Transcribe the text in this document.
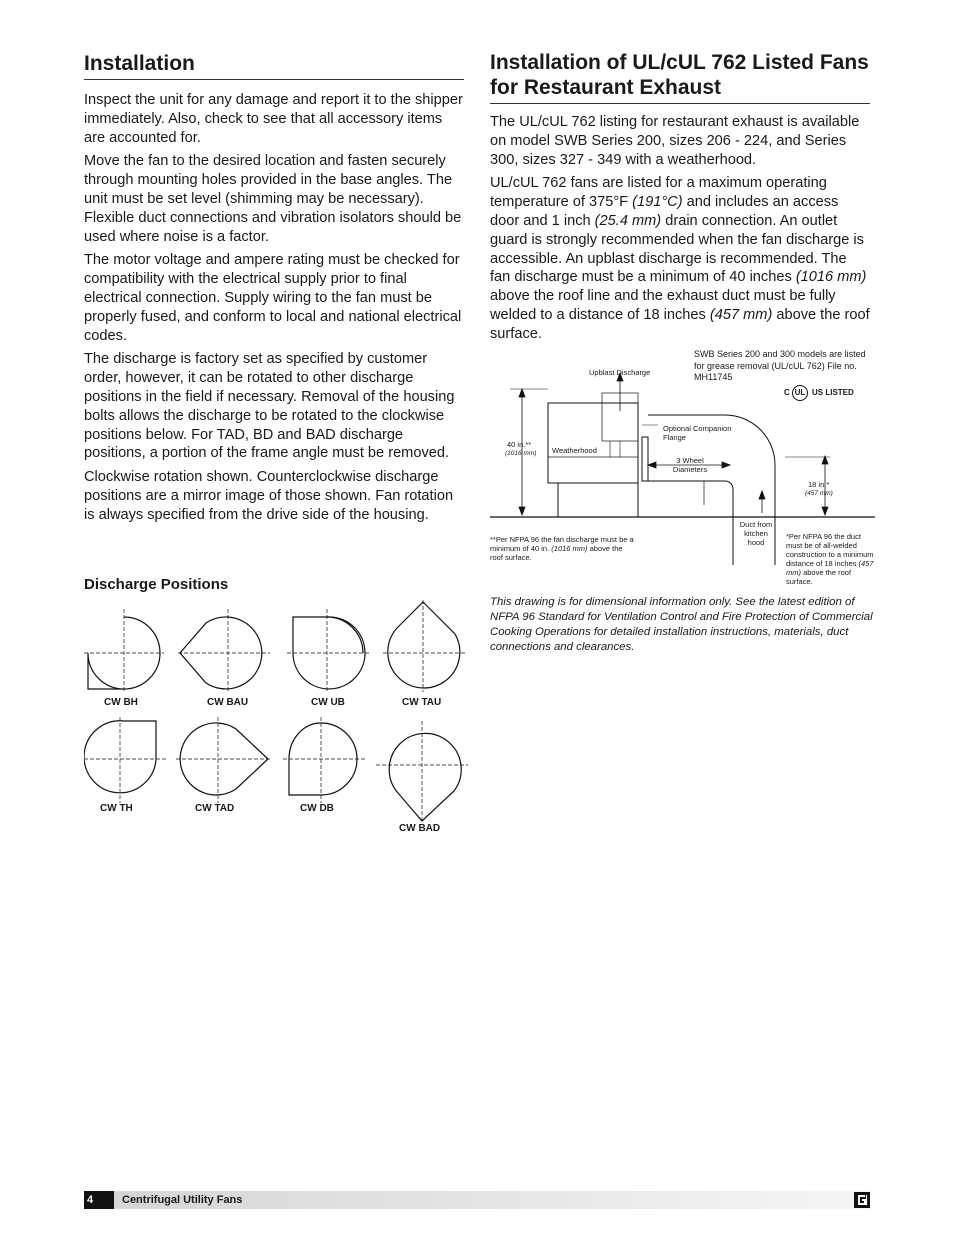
Installation

Inspect the unit for any damage and report it to the shipper immediately. Also, check to see that all accessory items are accounted for.

Move the fan to the desired location and fasten securely through mounting holes provided in the base angles. The unit must be set level (shimming may be necessary). Flexible duct connections and vibration isolators should be used where noise is a factor.

The motor voltage and ampere rating must be checked for compatibility with the electrical supply prior to final electrical connection. Supply wiring to the fan must be properly fused, and conform to local and national electrical codes.

The discharge is factory set as specified by customer order, however, it can be rotated to other discharge positions in the field if necessary. Removal of the housing bolts allows the discharge to be rotated to the clockwise positions below. For TAD, BD and BAD discharge positions, a portion of the frame angle must be removed.

Clockwise rotation shown. Counterclockwise discharge positions are a mirror image of those shown. Fan rotation is always specified from the drive side of the housing.

Discharge Positions
CW BH	CW BAU	CW UB	CW TAU
CW TH	CW TAD	CW DB
CW BAD
Installation of UL/cUL 762 Listed Fans for Restaurant Exhaust

The UL/cUL 762 listing for restaurant exhaust is available on model SWB Series 200, sizes 206 - 224, and Series 300, sizes 327 - 349 with a weatherhood.

UL/cUL 762 fans are listed for a maximum operating temperature of 375°F (191°C) and includes an access door and 1 inch (25.4 mm) drain connection. An outlet guard is strongly recommended when the fan discharge is accessible. An upblast discharge is recommended. The fan discharge must be a minimum of 40 inches (1016 mm) above the roof line and the exhaust duct must be fully welded to a distance of 18 inches (457 mm) above the roof surface.

SWB Series 200 and 300 models are listed for grease removal (UL/cUL 762) File no. MH11745
C UL US LISTED
Upblast Discharge
Optional Companion Flange
Weatherhood
3 Wheel Diameters
40 in.**
(1016 mm)
18 in.*
(457 mm)
Duct from kitchen hood
**Per NFPA 96 the fan discharge must be a minimum of 40 in. (1016 mm) above the roof surface.
*Per NFPA 96 the duct must be of all-welded construction to a minimum distance of 18 inches (457 mm) above the roof surface.

This drawing is for dimensional information only. See the latest edition of NFPA 96 Standard for Ventilation Control and Fire Protection of Commercial Cooking Operations for detailed installation instructions, materials, duct connections and clearances.

4	Centrifugal Utility Fans
